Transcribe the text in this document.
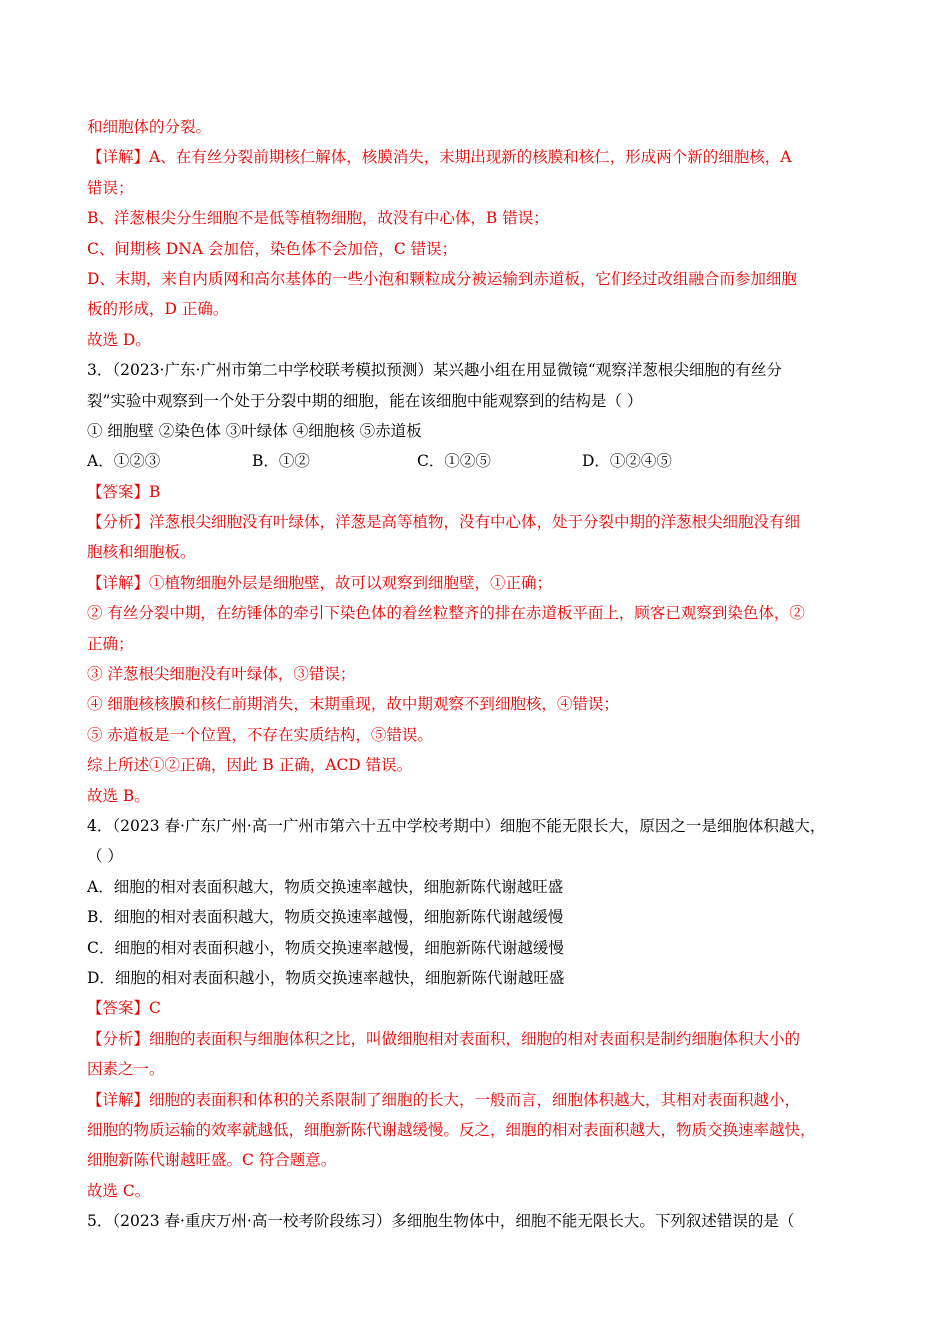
和细胞体的分裂。
【详解】A、在有丝分裂前期核仁解体，核膜消失，末期出现新的核膜和核仁，形成两个新的细胞核，A
错误；
B、洋葱根尖分生细胞不是低等植物细胞，故没有中心体，B 错误；
C、间期核 DNA 会加倍，染色体不会加倍，C 错误；
D、末期，来自内质网和高尔基体的一些小泡和颗粒成分被运输到赤道板，它们经过改组融合而参加细胞
板的形成，D 正确。
故选 D。
3．（2023·广东·广州市第二中学校联考模拟预测）某兴趣小组在用显微镜“观察洋葱根尖细胞的有丝分
裂”实验中观察到一个处于分裂中期的细胞，能在该细胞中能观察到的结构是（ ）
① 细胞壁 ②染色体 ③叶绿体 ④细胞核 ⑤赤道板
A．①②③	B．①②	C．①②⑤	D．①②④⑤
【答案】B
【分析】洋葱根尖细胞没有叶绿体，洋葱是高等植物，没有中心体，处于分裂中期的洋葱根尖细胞没有细
胞核和细胞板。
【详解】①植物细胞外层是细胞壁，故可以观察到细胞壁，①正确；
② 有丝分裂中期，在纺锤体的牵引下染色体的着丝粒整齐的排在赤道板平面上，顾客已观察到染色体，②
正确；
③ 洋葱根尖细胞没有叶绿体，③错误；
④ 细胞核核膜和核仁前期消失，末期重现，故中期观察不到细胞核，④错误；
⑤ 赤道板是一个位置，不存在实质结构，⑤错误。
综上所述①②正确，因此 B 正确，ACD 错误。
故选 B。
4．（2023 春·广东广州·高一广州市第六十五中学校考期中）细胞不能无限长大，原因之一是细胞体积越大，
（ ）
A．细胞的相对表面积越大，物质交换速率越快，细胞新陈代谢越旺盛
B．细胞的相对表面积越大，物质交换速率越慢，细胞新陈代谢越缓慢
C．细胞的相对表面积越小，物质交换速率越慢，细胞新陈代谢越缓慢
D．细胞的相对表面积越小，物质交换速率越快，细胞新陈代谢越旺盛
【答案】C
【分析】细胞的表面积与细胞体积之比，叫做细胞相对表面积，细胞的相对表面积是制约细胞体积大小的
因素之一。
【详解】细胞的表面积和体积的关系限制了细胞的长大，一般而言，细胞体积越大，其相对表面积越小，
细胞的物质运输的效率就越低，细胞新陈代谢越缓慢。反之，细胞的相对表面积越大，物质交换速率越快，
细胞新陈代谢越旺盛。C 符合题意。
故选 C。
5．（2023 春·重庆万州·高一校考阶段练习）多细胞生物体中，细胞不能无限长大。下列叙述错误的是（
